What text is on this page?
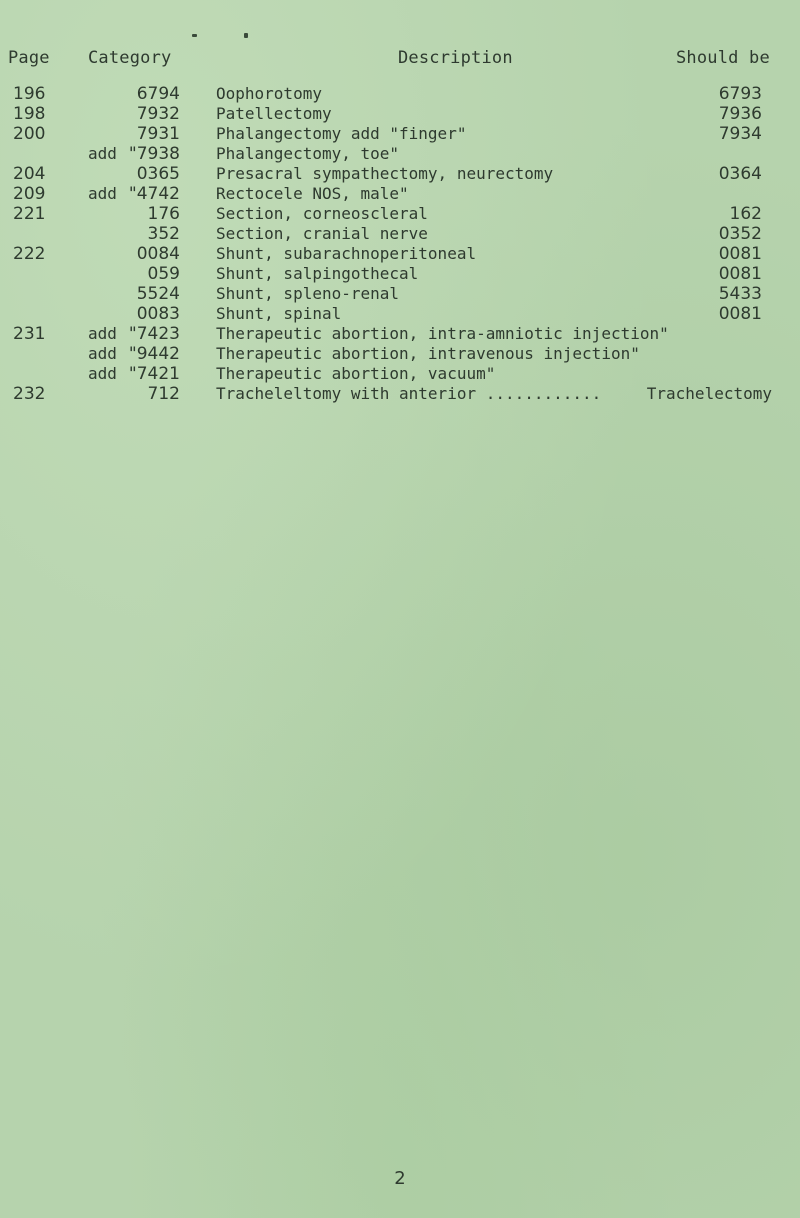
Page Category	Description	Should be
196	6794 Oophorotomy	6793
198	7932 Patellectomy	7936
200	7931 Phalangectomy add "finger"	7934
add "7938 Phalangectomy, toe"
204	0365 Presacral sympathectomy, neurectomy	0364
209	add "4742 Rectocele NOS, male"
221	176 Section, corneoscleral	162
352 Section, cranial nerve	0352
222	0084 Shunt, subarachnoperitoneal	0081
059 Shunt, salpingothecal	0081
5524 Shunt, spleno-renal	5433
0083 Shunt, spinal	0081
231	add "7423 Therapeutic abortion, intra-amniotic injection"
add "9442 Therapeutic abortion, intravenous injection"
add "7421 Therapeutic abortion, vacuum"
232	712 Tracheleltomy with anterior ............	Trachelectomy
2
